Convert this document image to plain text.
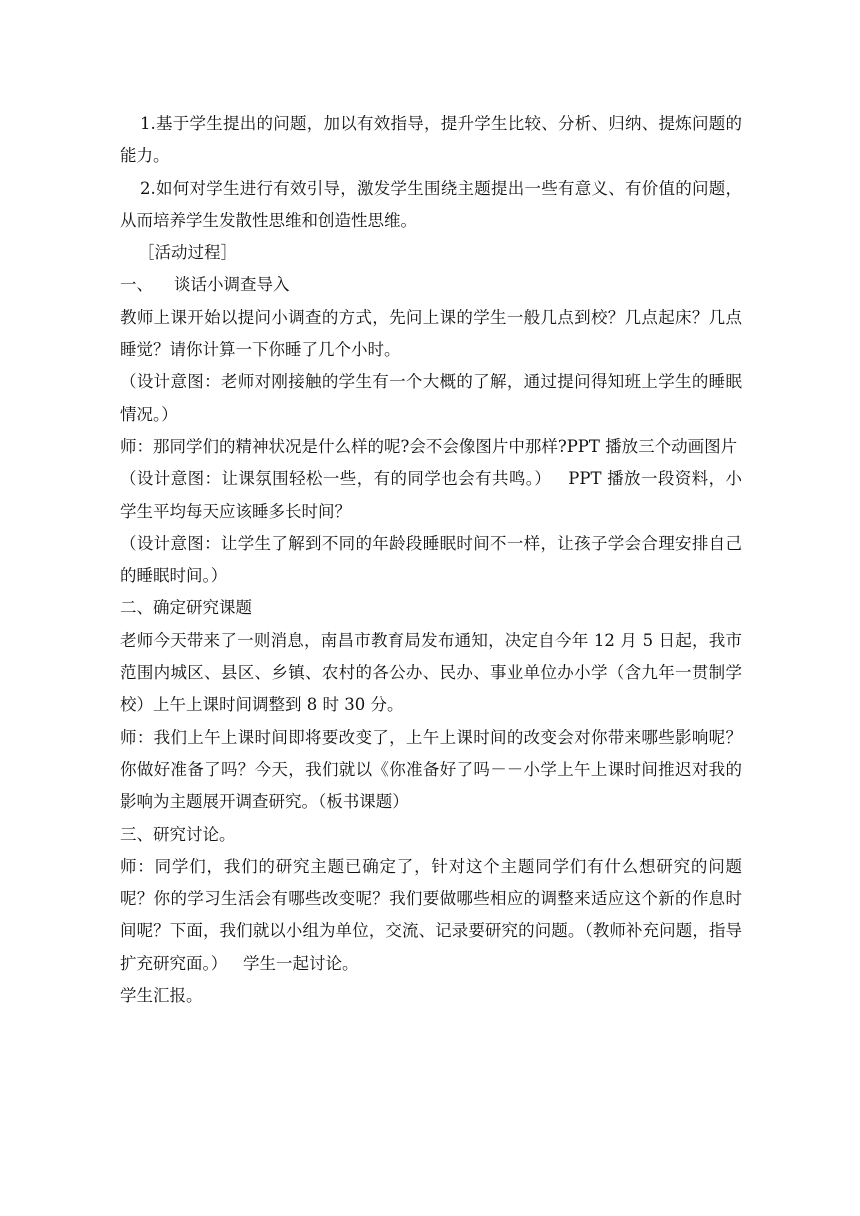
1.基于学生提出的问题，加以有效指导，提升学生比较、分析、归纳、提炼问题的能力。

2.如何对学生进行有效引导，激发学生围绕主题提出一些有意义、有价值的问题，从而培养学生发散性思维和创造性思维。

［活动过程］

一、    谈话小调查导入

教师上课开始以提问小调查的方式，先问上课的学生一般几点到校？几点起床？几点睡觉？请你计算一下你睡了几个小时。

（设计意图：老师对刚接触的学生有一个大概的了解，通过提问得知班上学生的睡眠情况。）

师：那同学们的精神状况是什么样的呢?会不会像图片中那样?PPT 播放三个动画图片

（设计意图：让课氛围轻松一些，有的同学也会有共鸣。）   PPT 播放一段资料，小学生平均每天应该睡多长时间？

（设计意图：让学生了解到不同的年龄段睡眠时间不一样，让孩子学会合理安排自己的睡眠时间。）

二、确定研究课题

老师今天带来了一则消息，南昌市教育局发布通知，决定自今年 12 月 5 日起，我市范围内城区、县区、乡镇、农村的各公办、民办、事业单位办小学（含九年一贯制学校）上午上课时间调整到 8 时 30 分。

师：我们上午上课时间即将要改变了，上午上课时间的改变会对你带来哪些影响呢？你做好准备了吗？今天，我们就以《你准备好了吗－－小学上午上课时间推迟对我的影响为主题展开调查研究。（板书课题）

三、研究讨论。

师：同学们，我们的研究主题已确定了，针对这个主题同学们有什么想研究的问题呢？你的学习生活会有哪些改变呢？我们要做哪些相应的调整来适应这个新的作息时间呢？下面，我们就以小组为单位，交流、记录要研究的问题。（教师补充问题，指导扩充研究面。）   学生一起讨论。

学生汇报。
